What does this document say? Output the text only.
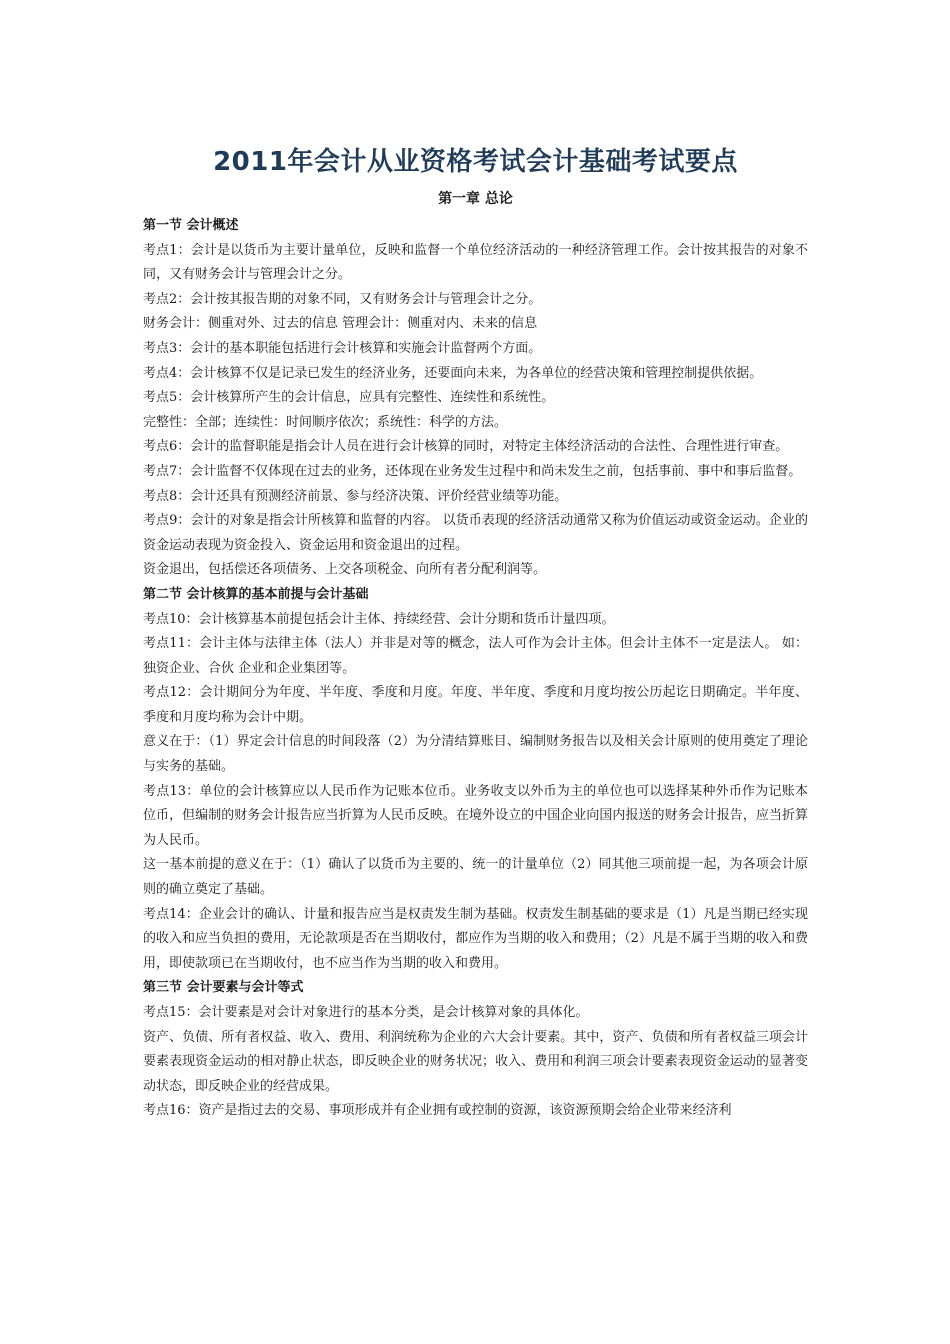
2011年会计从业资格考试会计基础考试要点
第一章 总论

第一节 会计概述

考点1：会计是以货币为主要计量单位，反映和监督一个单位经济活动的一种经济管理工作。会计按其报告的对象不同，又有财务会计与管理会计之分。

考点2：会计按其报告期的对象不同，又有财务会计与管理会计之分。

财务会计：侧重对外、过去的信息 管理会计：侧重对内、未来的信息

考点3：会计的基本职能包括进行会计核算和实施会计监督两个方面。

考点4：会计核算不仅是记录已发生的经济业务，还要面向未来，为各单位的经营决策和管理控制提供依据。

考点5：会计核算所产生的会计信息，应具有完整性、连续性和系统性。

完整性：全部；连续性：时间顺序依次；系统性：科学的方法。

考点6：会计的监督职能是指会计人员在进行会计核算的同时，对特定主体经济活动的合法性、合理性进行审查。

考点7：会计监督不仅体现在过去的业务，还体现在业务发生过程中和尚未发生之前，包括事前、事中和事后监督。

考点8：会计还具有预测经济前景、参与经济决策、评价经营业绩等功能。

考点9：会计的对象是指会计所核算和监督的内容。 以货币表现的经济活动通常又称为价值运动或资金运动。企业的资金运动表现为资金投入、资金运用和资金退出的过程。

资金退出，包括偿还各项债务、上交各项税金、向所有者分配利润等。

第二节 会计核算的基本前提与会计基础

考点10：会计核算基本前提包括会计主体、持续经营、会计分期和货币计量四项。

考点11：会计主体与法律主体（法人）并非是对等的概念，法人可作为会计主体。但会计主体不一定是法人。 如：独资企业、合伙 企业和企业集团等。

考点12：会计期间分为年度、半年度、季度和月度。年度、半年度、季度和月度均按公历起讫日期确定。半年度、季度和月度均称为会计中期。

意义在于：（1）界定会计信息的时间段落（2）为分清结算账目、编制财务报告以及相关会计原则的使用奠定了理论与实务的基础。

考点13：单位的会计核算应以人民币作为记账本位币。业务收支以外币为主的单位也可以选择某种外币作为记账本位币，但编制的财务会计报告应当折算为人民币反映。在境外设立的中国企业向国内报送的财务会计报告，应当折算为人民币。

这一基本前提的意义在于：（1）确认了以货币为主要的、统一的计量单位（2）同其他三项前提一起，为各项会计原则的确立奠定了基础。

考点14：企业会计的确认、计量和报告应当是权责发生制为基础。权责发生制基础的要求是（1）凡是当期已经实现的收入和应当负担的费用，无论款项是否在当期收付，都应作为当期的收入和费用；（2）凡是不属于当期的收入和费用，即使款项已在当期收付，也不应当作为当期的收入和费用。

第三节 会计要素与会计等式

考点15：会计要素是对会计对象进行的基本分类，是会计核算对象的具体化。

资产、负债、所有者权益、收入、费用、利润统称为企业的六大会计要素。其中，资产、负债和所有者权益三项会计要素表现资金运动的相对静止状态，即反映企业的财务状况；收入、费用和利润三项会计要素表现资金运动的显著变动状态，即反映企业的经营成果。

考点16：资产是指过去的交易、事项形成并有企业拥有或控制的资源，该资源预期会给企业带来经济利
